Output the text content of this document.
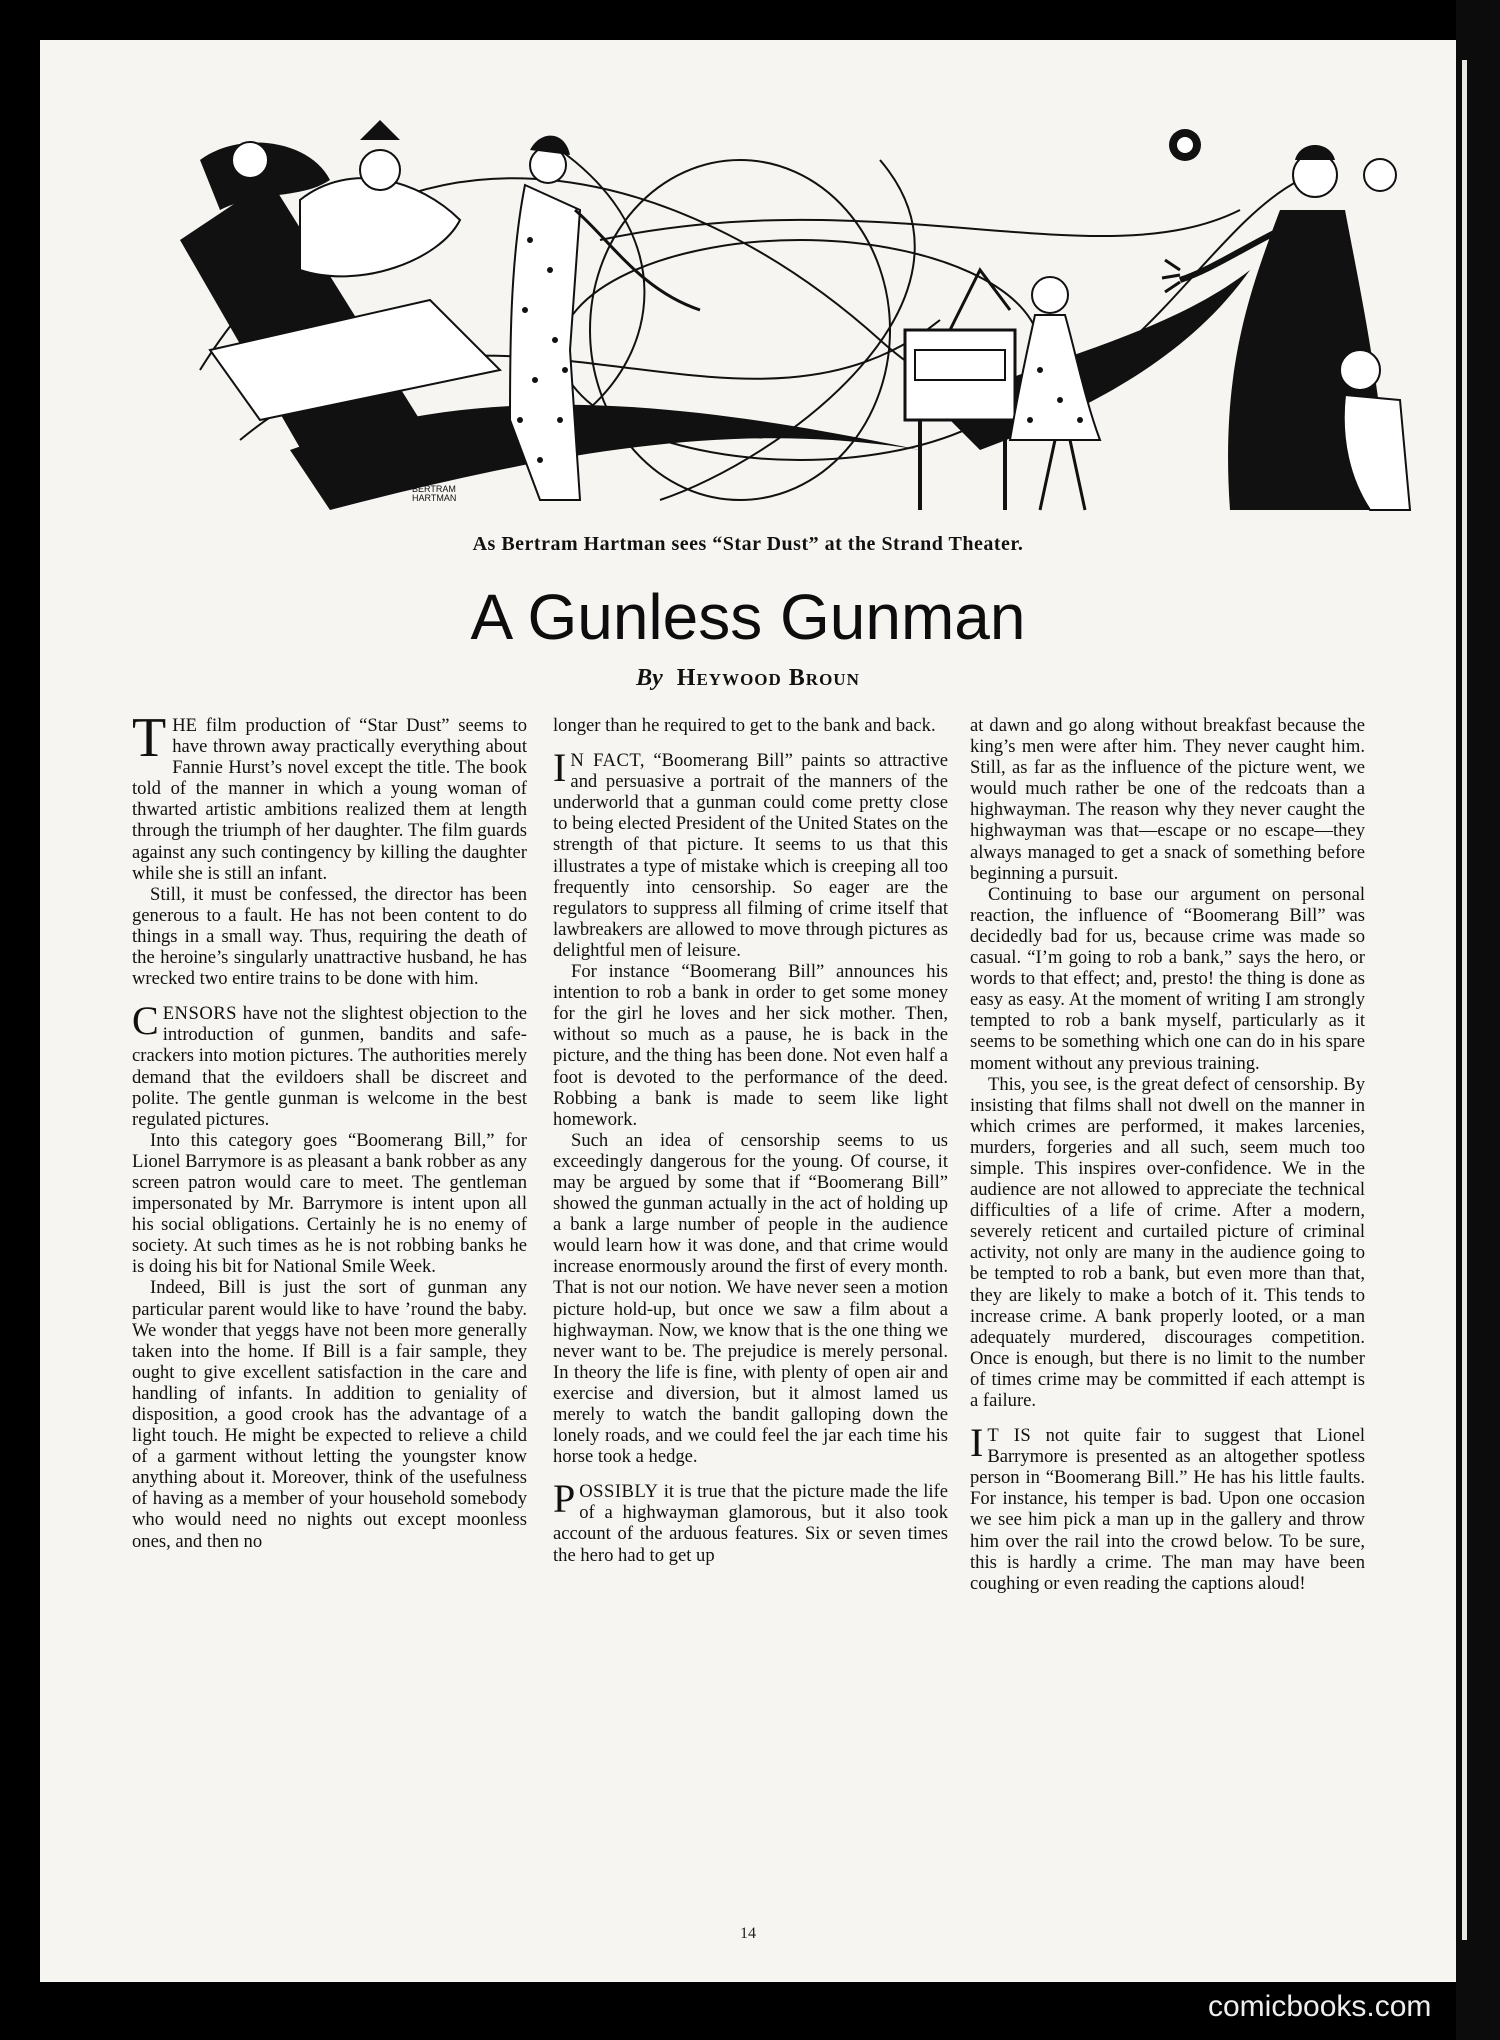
BERTRAM HARTMAN
As Bertram Hartman sees “Star Dust” at the Strand Theater.
A Gunless Gunman
By Heywood Broun

THE film production of “Star Dust” seems to have thrown away practically everything about Fannie Hurst’s novel except the title. The book told of the manner in which a young woman of thwarted artistic ambitions realized them at length through the triumph of her daughter. The film guards against any such contingency by killing the daughter while she is still an infant.

Still, it must be confessed, the director has been generous to a fault. He has not been content to do things in a small way. Thus, requiring the death of the heroine’s singularly unattractive husband, he has wrecked two entire trains to be done with him.

CENSORS have not the slightest objection to the introduction of gunmen, bandits and safe-crackers into motion pictures. The authorities merely demand that the evildoers shall be discreet and polite. The gentle gunman is welcome in the best regulated pictures.

Into this category goes “Boomerang Bill,” for Lionel Barrymore is as pleasant a bank robber as any screen patron would care to meet. The gentleman impersonated by Mr. Barrymore is intent upon all his social obligations. Certainly he is no enemy of society. At such times as he is not robbing banks he is doing his bit for National Smile Week.

Indeed, Bill is just the sort of gunman any particular parent would like to have ’round the baby. We wonder that yeggs have not been more generally taken into the home. If Bill is a fair sample, they ought to give excellent satisfaction in the care and handling of infants. In addition to geniality of disposition, a good crook has the advantage of a light touch. He might be expected to relieve a child of a garment without letting the youngster know anything about it. Moreover, think of the usefulness of having as a member of your household somebody who would need no nights out except moonless ones, and then no

longer than he required to get to the bank and back.

I N FACT, “Boomerang Bill” paints so attractive and persuasive a portrait of the manners of the underworld that a gunman could come pretty close to being elected President of the United States on the strength of that picture. It seems to us that this illustrates a type of mistake which is creeping all too frequently into censorship. So eager are the regulators to suppress all filming of crime itself that lawbreakers are allowed to move through pictures as delightful men of leisure.

For instance “Boomerang Bill” announces his intention to rob a bank in order to get some money for the girl he loves and her sick mother. Then, without so much as a pause, he is back in the picture, and the thing has been done. Not even half a foot is devoted to the performance of the deed. Robbing a bank is made to seem like light homework.

Such an idea of censorship seems to us exceedingly dangerous for the young. Of course, it may be argued by some that if “Boomerang Bill” showed the gunman actually in the act of holding up a bank a large number of people in the audience would learn how it was done, and that crime would increase enormously around the first of every month. That is not our notion. We have never seen a motion picture hold-up, but once we saw a film about a highwayman. Now, we know that is the one thing we never want to be. The prejudice is merely personal. In theory the life is fine, with plenty of open air and exercise and diversion, but it almost lamed us merely to watch the bandit galloping down the lonely roads, and we could feel the jar each time his horse took a hedge.

POSSIBLY it is true that the picture made the life of a highwayman glamorous, but it also took account of the arduous features. Six or seven times the hero had to get up

at dawn and go along without breakfast because the king’s men were after him. They never caught him. Still, as far as the influence of the picture went, we would much rather be one of the redcoats than a highwayman. The reason why they never caught the highwayman was that—escape or no escape—they always managed to get a snack of something before beginning a pursuit.

Continuing to base our argument on personal reaction, the influence of “Boomerang Bill” was decidedly bad for us, because crime was made so casual. “I’m going to rob a bank,” says the hero, or words to that effect; and, presto! the thing is done as easy as easy. At the moment of writing I am strongly tempted to rob a bank myself, particularly as it seems to be something which one can do in his spare moment without any previous training.

This, you see, is the great defect of censorship. By insisting that films shall not dwell on the manner in which crimes are performed, it makes larcenies, murders, forgeries and all such, seem much too simple. This inspires over-confidence. We in the audience are not allowed to appreciate the technical difficulties of a life of crime. After a modern, severely reticent and curtailed picture of criminal activity, not only are many in the audience going to be tempted to rob a bank, but even more than that, they are likely to make a botch of it. This tends to increase crime. A bank properly looted, or a man adequately murdered, discourages competition. Once is enough, but there is no limit to the number of times crime may be committed if each attempt is a failure.

I T IS not quite fair to suggest that Lionel Barrymore is presented as an altogether spotless person in “Boomerang Bill.” He has his little faults. For instance, his temper is bad. Upon one occasion we see him pick a man up in the gallery and throw him over the rail into the crowd below. To be sure, this is hardly a crime. The man may have been coughing or even reading the captions aloud!

14
comicbooks.com
